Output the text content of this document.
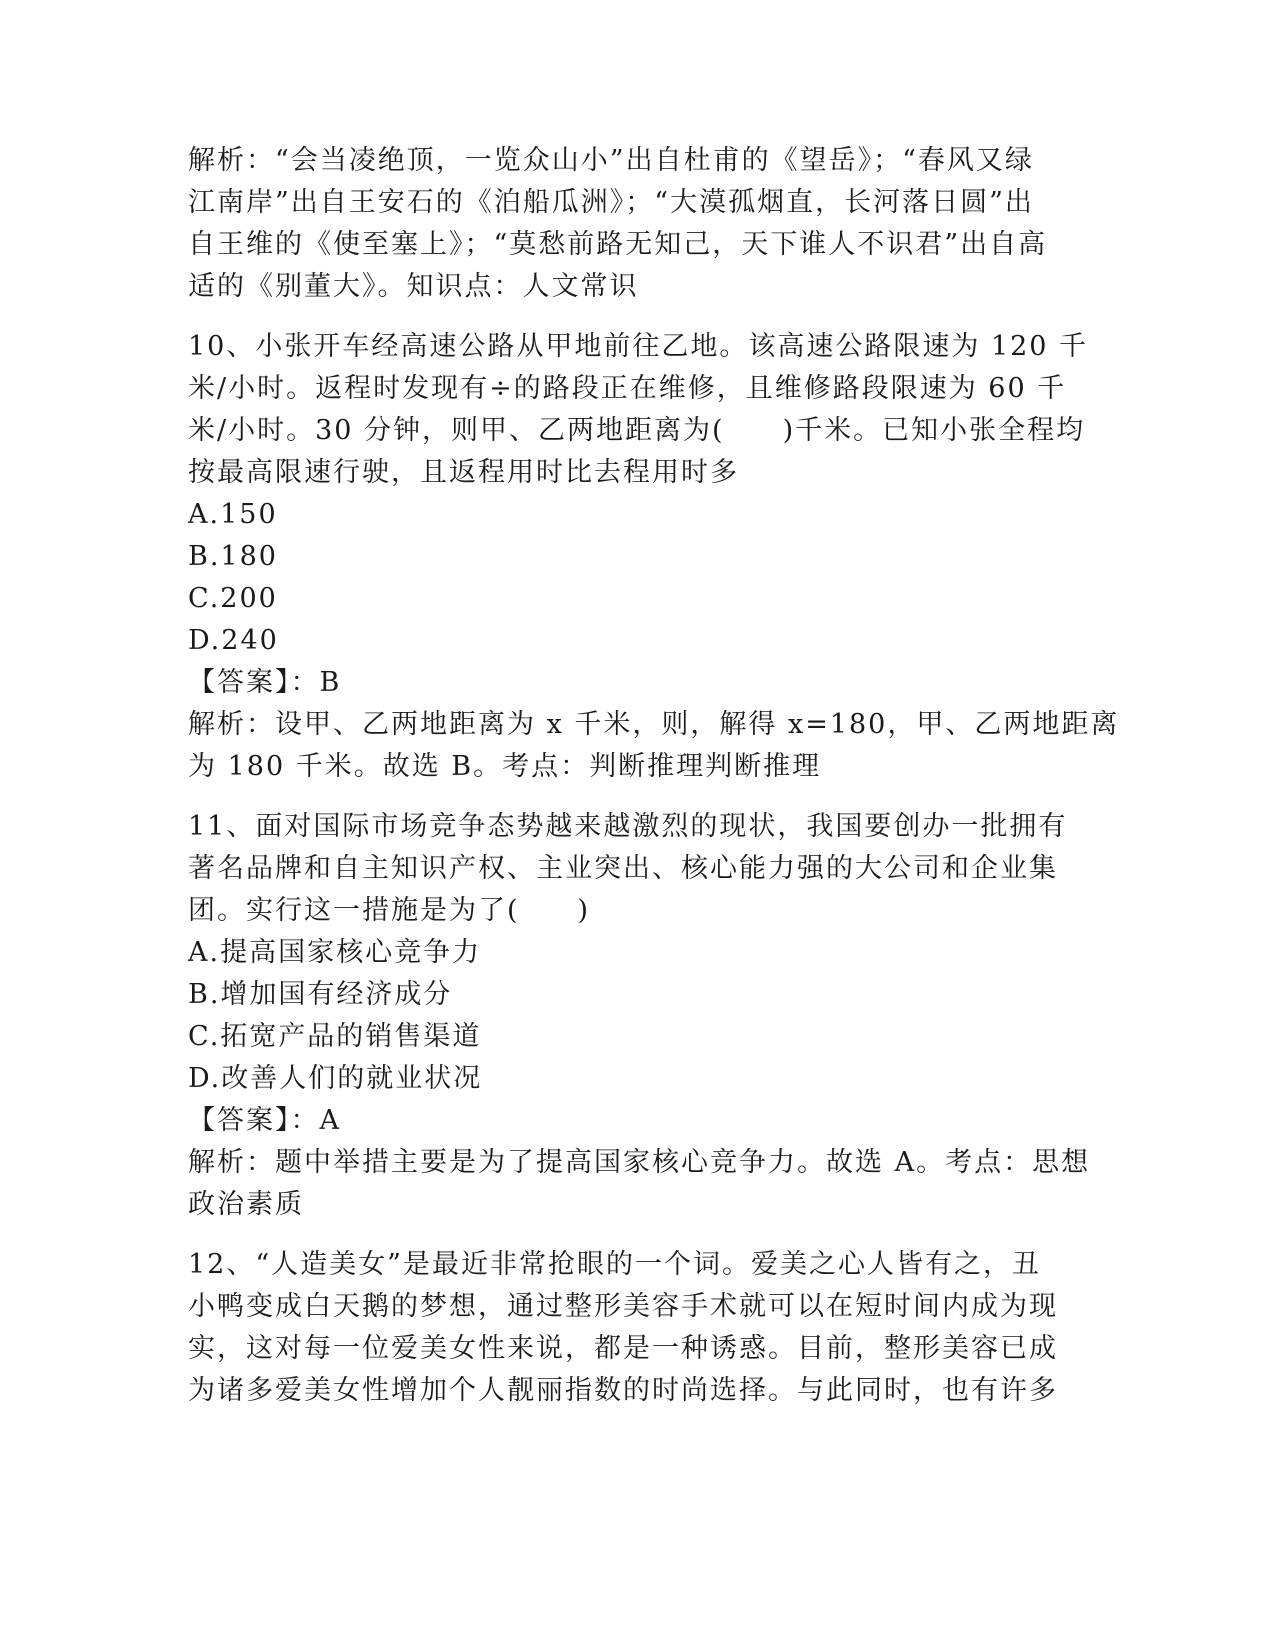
解析：“会当凌绝顶，一览众山小”出自杜甫的《望岳》；“春风又绿
江南岸”出自王安石的《泊船瓜洲》；“大漠孤烟直，长河落日圆”出
自王维的《使至塞上》；“莫愁前路无知己，天下谁人不识君”出自高
适的《别董大》。知识点：人文常识
10、小张开车经高速公路从甲地前往乙地。该高速公路限速为 120 千
米/小时。返程时发现有÷的路段正在维修，且维修路段限速为 60 千
米/小时。30 分钟，则甲、乙两地距离为(　　)千米。已知小张全程均
按最高限速行驶，且返程用时比去程用时多
A.150
B.180
C.200
D.240
【答案】：B
解析：设甲、乙两地距离为 x 千米，则，解得 x=180，甲、乙两地距离
为 180 千米。故选 B。考点：判断推理判断推理
11、面对国际市场竞争态势越来越激烈的现状，我国要创办一批拥有
著名品牌和自主知识产权、主业突出、核心能力强的大公司和企业集
团。实行这一措施是为了(　　)
A.提高国家核心竞争力
B.增加国有经济成分
C.拓宽产品的销售渠道
D.改善人们的就业状况
【答案】：A
解析：题中举措主要是为了提高国家核心竞争力。故选 A。考点：思想
政治素质
12、“人造美女”是最近非常抢眼的一个词。爱美之心人皆有之，丑
小鸭变成白天鹅的梦想，通过整形美容手术就可以在短时间内成为现
实，这对每一位爱美女性来说，都是一种诱惑。目前，整形美容已成
为诸多爱美女性增加个人靓丽指数的时尚选择。与此同时，也有许多
